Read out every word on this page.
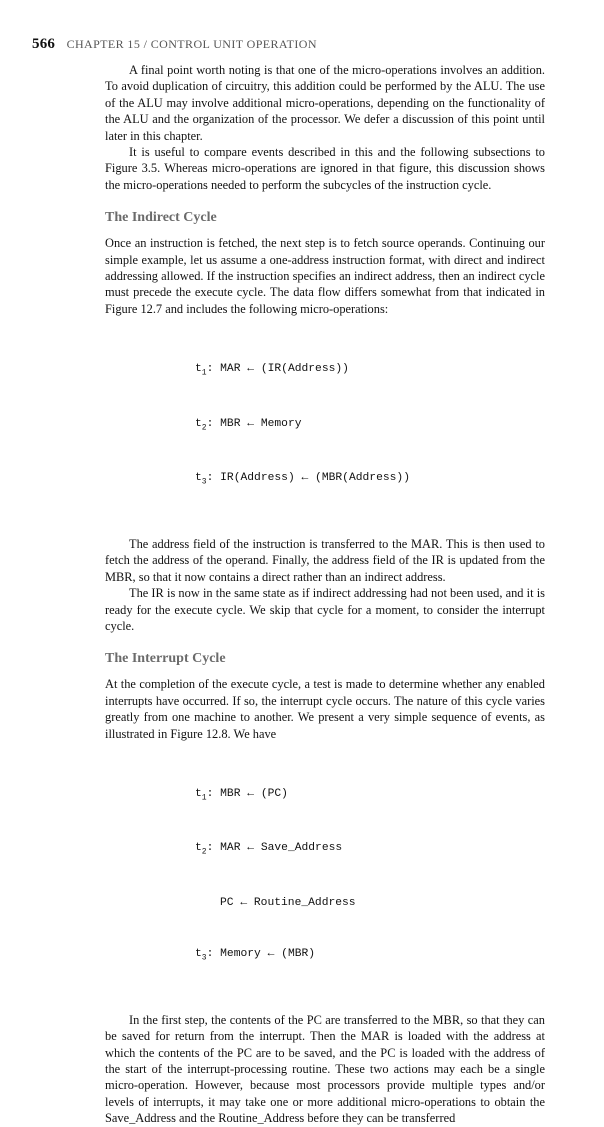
566 CHAPTER 15 / CONTROL UNIT OPERATION

A final point worth noting is that one of the micro-operations involves an addition. To avoid duplication of circuitry, this addition could be performed by the ALU. The use of the ALU may involve additional micro-operations, depending on the functionality of the ALU and the organization of the processor. We defer a discussion of this point until later in this chapter.

It is useful to compare events described in this and the following subsections to Figure 3.5. Whereas micro-operations are ignored in that figure, this discussion shows the micro-operations needed to perform the subcycles of the instruction cycle.

The Indirect Cycle

Once an instruction is fetched, the next step is to fetch source operands. Continuing our simple example, let us assume a one-address instruction format, with direct and indirect addressing allowed. If the instruction specifies an indirect address, then an indirect cycle must precede the execute cycle. The data flow differs somewhat from that indicated in Figure 12.7 and includes the following micro-operations:

$t_1$: MAR ← (IR(Address))

$t_2$: MBR ← Memory

$t_3$: IR(Address) ← (MBR(Address))

The address field of the instruction is transferred to the MAR. This is then used to fetch the address of the operand. Finally, the address field of the IR is updated from the MBR, so that it now contains a direct rather than an indirect address.

The IR is now in the same state as if indirect addressing had not been used, and it is ready for the execute cycle. We skip that cycle for a moment, to consider the interrupt cycle.

The Interrupt Cycle

At the completion of the execute cycle, a test is made to determine whether any enabled interrupts have occurred. If so, the interrupt cycle occurs. The nature of this cycle varies greatly from one machine to another. We present a very simple sequence of events, as illustrated in Figure 12.8. We have

$t_1$: MBR ← (PC)

$t_2$: MAR ← Save_Address

PC ← Routine_Address

$t_3$: Memory ← (MBR)

In the first step, the contents of the PC are transferred to the MBR, so that they can be saved for return from the interrupt. Then the MAR is loaded with the address at which the contents of the PC are to be saved, and the PC is loaded with the address of the start of the interrupt-processing routine. These two actions may each be a single micro-operation. However, because most processors provide multiple types and/or levels of interrupts, it may take one or more additional micro-operations to obtain the Save_Address and the Routine_Address before they can be transferred
